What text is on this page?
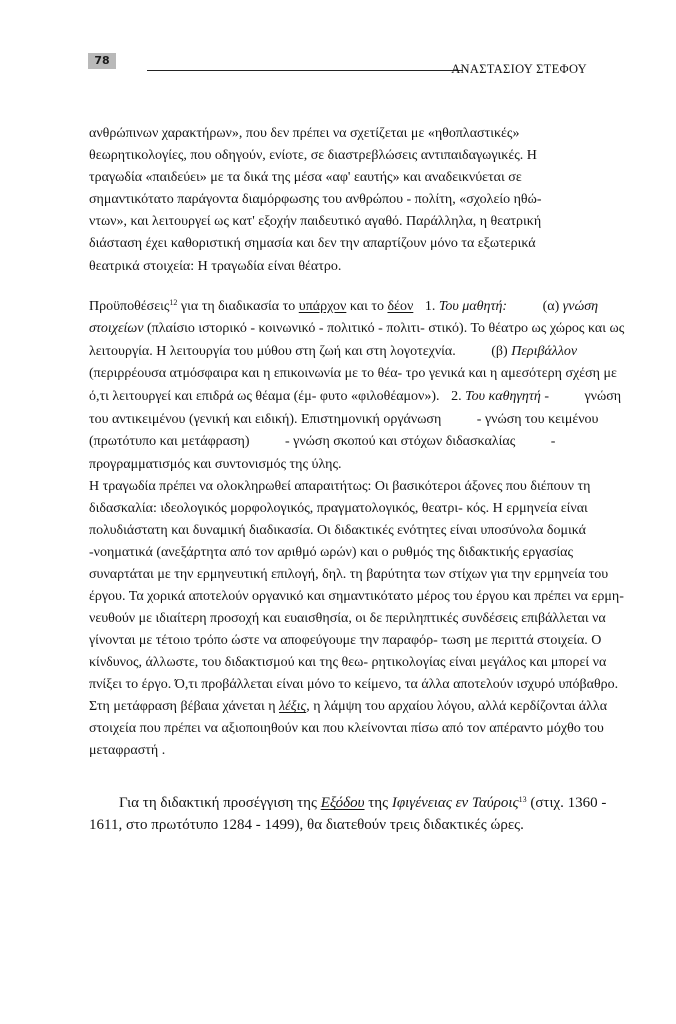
78
ΑΝΑΣΤΑΣΙΟΥ ΣΤΕΦΟΥ
ανθρώπινων χαρακτήρων», που δεν πρέπει να σχετίζεται με «ηθοπλαστικές»
θεωρητικολογίες, που οδηγούν, ενίοτε, σε διαστρεβλώσεις αντιπαιδαγωγικές. Η
τραγωδία «παιδεύει» με τα δικά της μέσα «αφ' εαυτής» και αναδεικνύεται σε
σημαντικότατο παράγοντα διαμόρφωσης του ανθρώπου - πολίτη, «σχολείο ηθώ-
ντων», και λειτουργεί ως κατ' εξοχήν παιδευτικό αγαθό. Παράλληλα, η θεατρική
διάσταση έχει καθοριστική σημασία και δεν την απαρτίζουν μόνο τα εξωτερικά
θεατρικά στοιχεία: Η τραγωδία είναι θέατρο.
Προϋποθέσεις$^{12}$ για τη διαδικασία το υπάρχον και το δέον 1. Του μαθητή:	(α) γνώση στοιχείων (πλαίσιο ιστορικό - κοινωνικό - πολιτικό - πολιτι- στικό). Το θέατρο ως χώρος και ως λειτουργία. Η λειτουργία του μύθου στη ζωή και στη λογοτεχνία.	(β) Περιβάλλον (περιρρέουσα ατμόσφαιρα και η επικοινωνία με το θέα- τρο γενικά και η αμεσότερη σχέση με ό,τι λειτουργεί και επιδρά ως θέαμα (έμ- φυτο «φιλοθέαμον»). 2. Του καθηγητή -	γνώση του αντικειμένου (γενική και ειδική). Επιστημονική οργάνωση	- γνώση του κειμένου (πρωτότυπο και μετάφραση)	- γνώση σκοπού και στόχων διδασκαλίας	- προγραμματισμός και συντονισμός της ύλης.
Η τραγωδία πρέπει να ολοκληρωθεί απαραιτήτως: Οι βασικότεροι άξονες που διέπουν τη διδασκαλία: ιδεολογικός μορφολογικός, πραγματολογικός, θεατρι- κός. Η ερμηνεία είναι πολυδιάστατη και δυναμική διαδικασία. Οι διδακτικές ενότητες είναι υποσύνολα δομικά -νοηματικά (ανεξάρτητα από τον αριθμό ωρών) και ο ρυθμός της διδακτικής εργασίας συναρτάται με την ερμηνευτική επιλογή, δηλ. τη βαρύτητα των στίχων για την ερμηνεία του έργου. Τα χορικά αποτελούν οργανικό και σημαντικότατο μέρος του έργου και πρέπει να ερμη- νευθούν με ιδιαίτερη προσοχή και ευαισθησία, οι δε περιληπτικές συνδέσεις επιβάλλεται να γίνονται με τέτοιο τρόπο ώστε να αποφεύγουμε την παραφόρ- τωση με περιττά στοιχεία. Ο κίνδυνος, άλλωστε, του διδακτισμού και της θεω- ρητικολογίας είναι μεγάλος και μπορεί να πνίξει το έργο. Ό,τι προβάλλεται είναι μόνο το κείμενο, τα άλλα αποτελούν ισχυρό υπόβαθρο. Στη μετάφραση βέβαια χάνεται η λέξις, η λάμψη του αρχαίου λόγου, αλλά κερδίζονται άλλα στοιχεία που πρέπει να αξιοποιηθούν και που κλείνονται πίσω από τον απέραντο μόχθο του μεταφραστή .
Για τη διδακτική προσέγγιση της Εξόδου της Ιφιγένειας εν Ταύροις$^{13}$ (στιχ. 1360 - 1611, στο πρωτότυπο 1284 - 1499), θα διατεθούν τρεις διδακτικές ώρες.
